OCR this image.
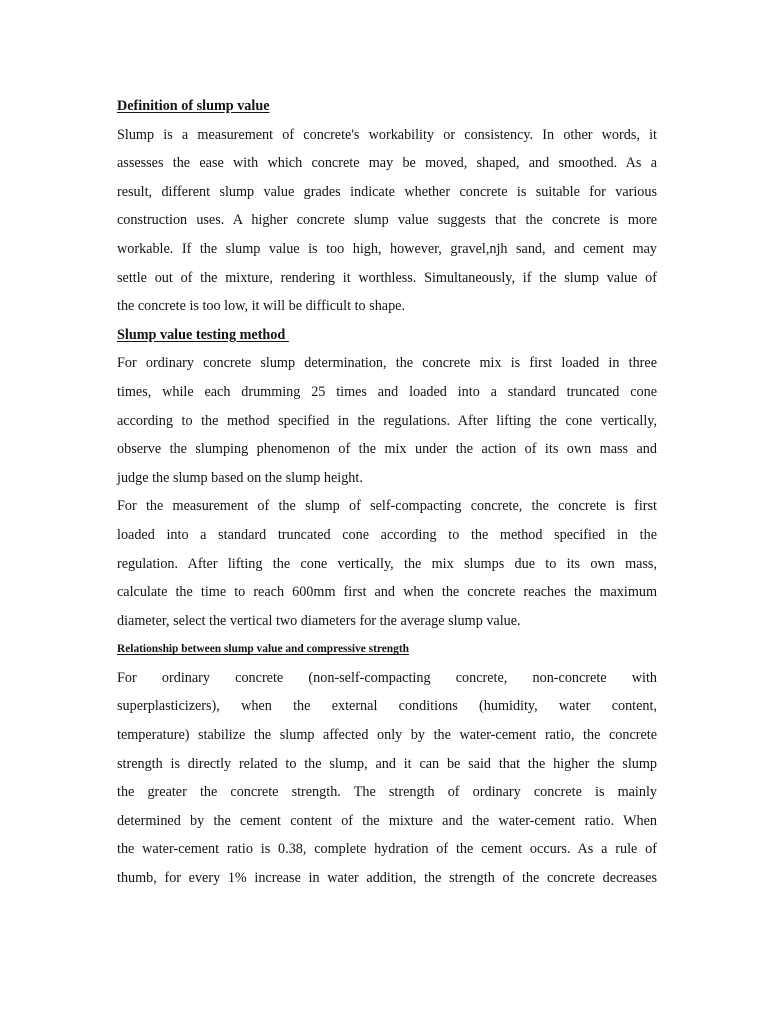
Definition of slump value

Slump is a measurement of concrete's workability or consistency. In other words, it
assesses the ease with which concrete may be moved, shaped, and smoothed. As a
result, different slump value grades indicate whether concrete is suitable for various
construction uses. A higher concrete slump value suggests that the concrete is more
workable. If the slump value is too high, however, gravel,njh sand, and cement may
settle out of the mixture, rendering it worthless. Simultaneously, if the slump value of
the concrete is too low, it will be difficult to shape.

Slump value testing method

For ordinary concrete slump determination, the concrete mix is first loaded in three
times, while each drumming 25 times and loaded into a standard truncated cone
according to the method specified in the regulations. After lifting the cone vertically,
observe the slumping phenomenon of the mix under the action of its own mass and
judge the slump based on the slump height.

For the measurement of the slump of self-compacting concrete, the concrete is first
loaded into a standard truncated cone according to the method specified in the
regulation. After lifting the cone vertically, the mix slumps due to its own mass,
calculate the time to reach 600mm first and when the concrete reaches the maximum
diameter, select the vertical two diameters for the average slump value.

Relationship between slump value and compressive strength

For ordinary concrete (non-self-compacting concrete, non-concrete with
superplasticizers), when the external conditions (humidity, water content,
temperature) stabilize the slump affected only by the water-cement ratio, the concrete
strength is directly related to the slump, and it can be said that the higher the slump
the greater the concrete strength. The strength of ordinary concrete is mainly
determined by the cement content of the mixture and the water-cement ratio. When
the water-cement ratio is 0.38, complete hydration of the cement occurs. As a rule of
thumb, for every 1% increase in water addition, the strength of the concrete decreases
